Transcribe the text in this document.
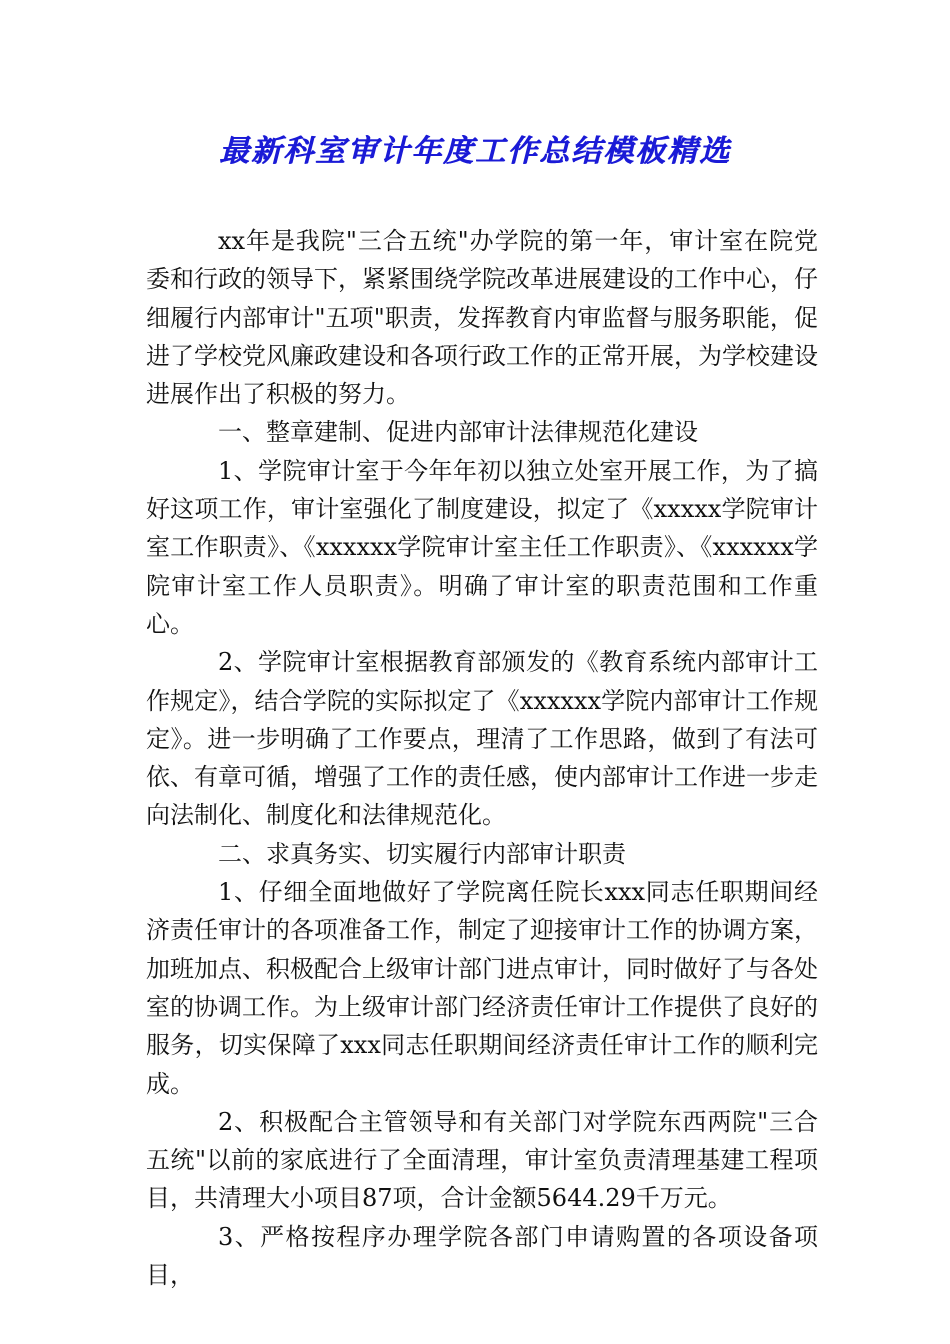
最新科室审计年度工作总结模板精选

xx年是我院"三合五统"办学院的第一年，审计室在院党委和行政的领导下，紧紧围绕学院改革进展建设的工作中心，仔细履行内部审计"五项"职责，发挥教育内审监督与服务职能，促进了学校党风廉政建设和各项行政工作的正常开展，为学校建设进展作出了积极的努力。

一、整章建制、促进内部审计法律规范化建设

1、学院审计室于今年年初以独立处室开展工作，为了搞好这项工作，审计室强化了制度建设，拟定了《xxxxx学院审计室工作职责》、《xxxxxx学院审计室主任工作职责》、《xxxxxx学院审计室工作人员职责》。明确了审计室的职责范围和工作重心。

2、学院审计室根据教育部颁发的《教育系统内部审计工作规定》，结合学院的实际拟定了《xxxxxx学院内部审计工作规定》。进一步明确了工作要点，理清了工作思路，做到了有法可依、有章可循，增强了工作的责任感，使内部审计工作进一步走向法制化、制度化和法律规范化。

二、求真务实、切实履行内部审计职责

1、仔细全面地做好了学院离任院长xxx同志任职期间经济责任审计的各项准备工作，制定了迎接审计工作的协调方案，加班加点、积极配合上级审计部门进点审计，同时做好了与各处室的协调工作。为上级审计部门经济责任审计工作提供了良好的服务，切实保障了xxx同志任职期间经济责任审计工作的顺利完成。

2、积极配合主管领导和有关部门对学院东西两院"三合五统"以前的家底进行了全面清理，审计室负责清理基建工程项目，共清理大小项目87项，合计金额5644.29千万元。

3、严格按程序办理学院各部门申请购置的各项设备项目，
